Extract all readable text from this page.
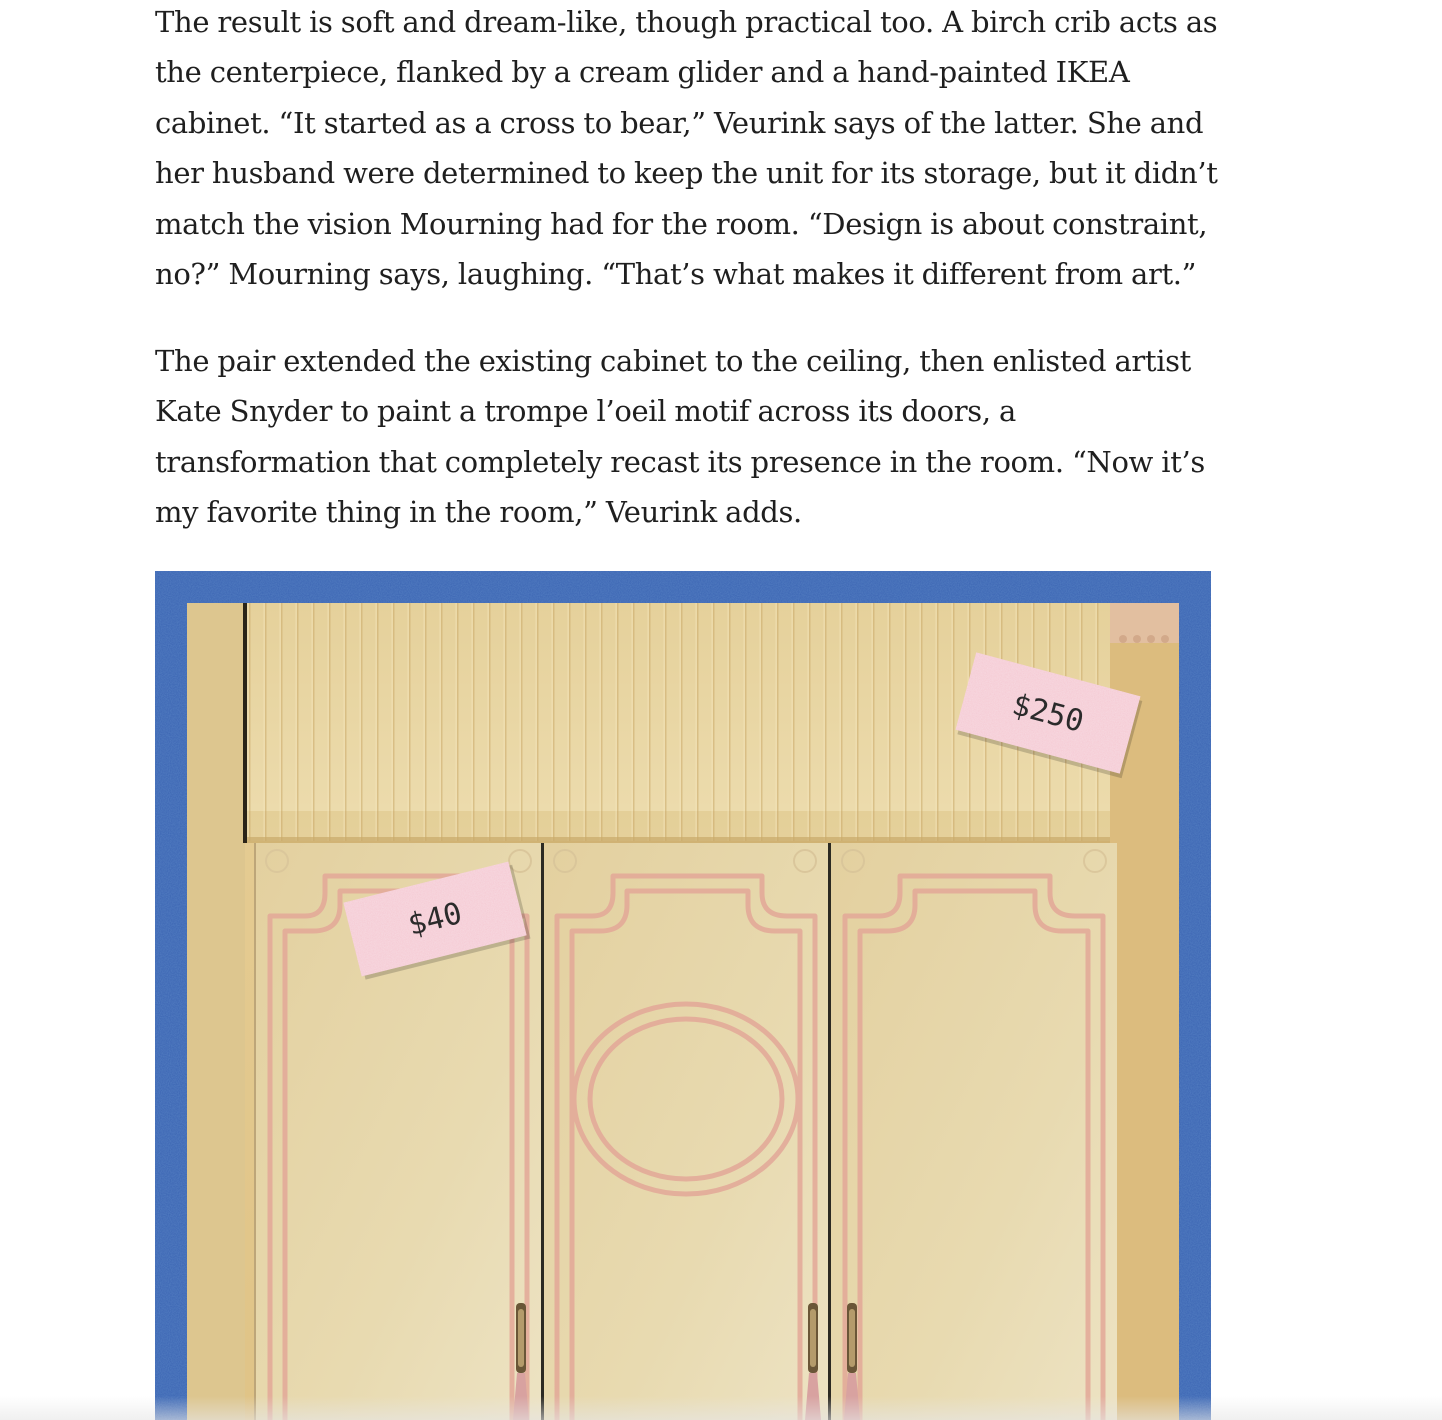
The result is soft and dream-like, though practical too. A birch crib acts as
the centerpiece, flanked by a cream glider and a hand-painted IKEA
cabinet. “It started as a cross to bear,” Veurink says of the latter. She and
her husband were determined to keep the unit for its storage, but it didn’t
match the vision Mourning had for the room. “Design is about constraint,
no?” Mourning says, laughing. “That’s what makes it different from art.”

The pair extended the existing cabinet to the ceiling, then enlisted artist
Kate Snyder to paint a trompe l’oeil motif across its doors, a
transformation that completely recast its presence in the room. “Now it’s
my favorite thing in the room,” Veurink adds.

$250
$40
